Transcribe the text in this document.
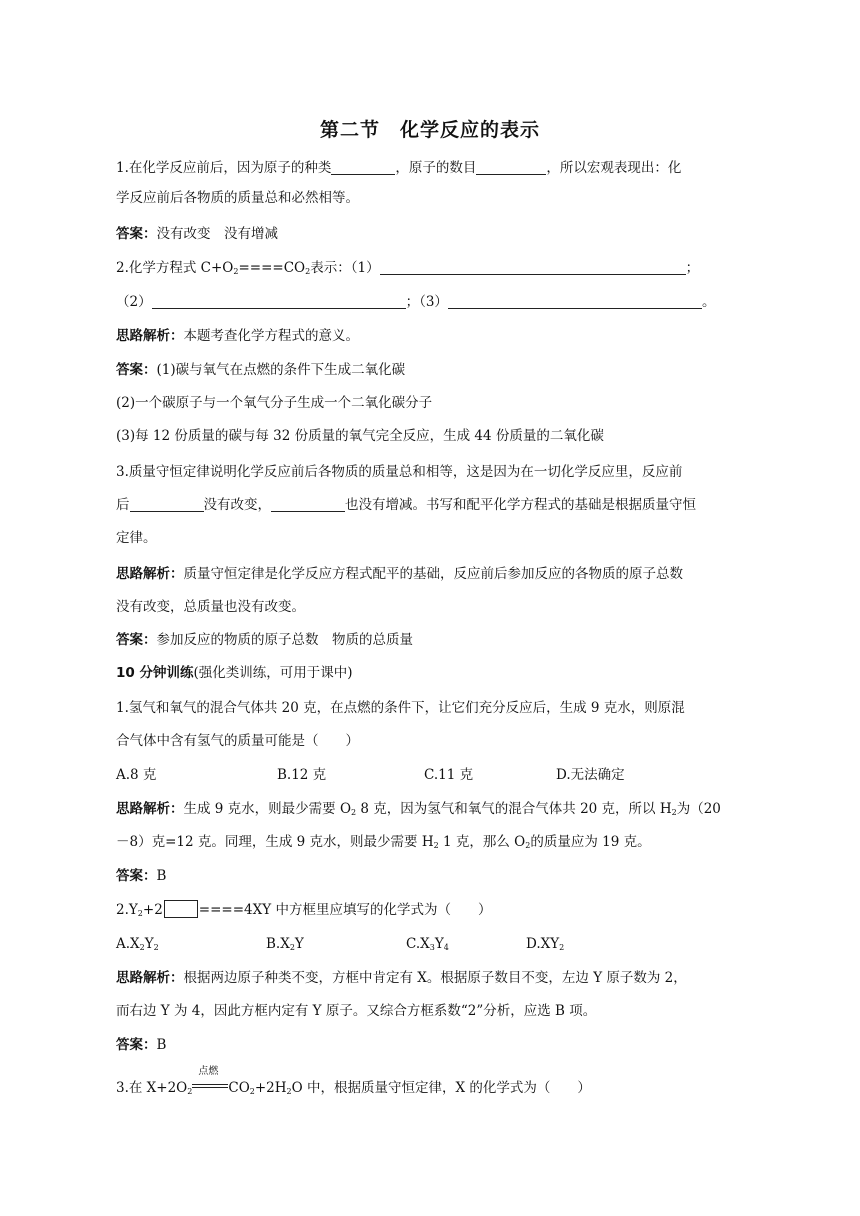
第二节　化学反应的表示
1.在化学反应前后，因为原子的种类	，原子的数目	，所以宏观表现出：化
学反应前后各物质的质量总和必然相等。
答案：没有改变　没有增减
2.化学方程式 $C+O_2====CO_2$表示：（1）	；
（2）	；（3）	。
思路解析：本题考查化学方程式的意义。
答案：(1)碳与氧气在点燃的条件下生成二氧化碳
(2)一个碳原子与一个氧气分子生成一个二氧化碳分子
(3)每 12 份质量的碳与每 32 份质量的氧气完全反应，生成 44 份质量的二氧化碳
3.质量守恒定律说明化学反应前后各物质的质量总和相等，这是因为在一切化学反应里，反应前
后	没有改变，	也没有增减。书写和配平化学方程式的基础是根据质量守恒
定律。
思路解析：质量守恒定律是化学反应方程式配平的基础，反应前后参加反应的各物质的原子总数
没有改变，总质量也没有改变。
答案：参加反应的物质的原子总数　物质的总质量
10 分钟训练(强化类训练，可用于课中)
1.氢气和氧气的混合气体共 20 克，在点燃的条件下，让它们充分反应后，生成 9 克水，则原混
合气体中含有氢气的质量可能是（　　）
A.8 克	B.12 克	C.11 克	D.无法确定
思路解析：生成 9 克水，则最少需要 $O_2$ 8 克，因为氢气和氧气的混合气体共 20 克，所以 $H_2$为（20
－8）克=12 克。同理，生成 9 克水，则最少需要 $H_2$ 1 克，那么 $O_2$的质量应为 19 克。
答案：B
$2.Y_2+2$	====4XY 中方框里应填写的化学式为（　　）
$A.X_2Y_2$	$B.X_2Y$	$C.X_3Y_4$	$D.XY_2$
思路解析：根据两边原子种类不变，方框中肯定有 X。根据原子数目不变，左边 Y 原子数为 2，
而右边 Y 为 4，因此方框内定有 Y 原子。又综合方框系数“2”分析，应选 B 项。
答案：B
3.在 $X+2O_2$
点燃
$CO_2+2H_2O$ 中，根据质量守恒定律，X 的化学式为（　　）
